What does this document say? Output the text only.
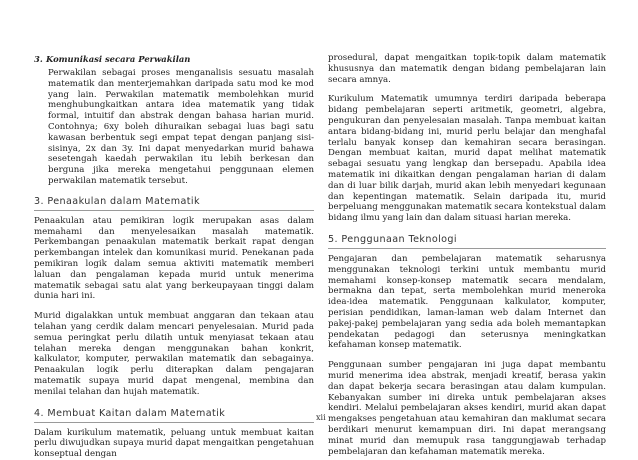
3. Komunikasi secara Perwakilan

Perwakilan sebagai proses menganalisis sesuatu masalah matematik dan menterjemahkan daripada satu mod ke mod yang lain. Perwakilan matematik membolehkan murid menghubungkaitkan antara idea matematik yang tidak formal, intuitif dan abstrak dengan bahasa harian murid. Contohnya; 6xy boleh dihuraikan sebagai luas bagi satu kawasan berbentuk segi empat tepat dengan panjang sisi-sisinya, 2x dan 3y. Ini dapat menyedarkan murid bahawa sesetengah kaedah perwakilan itu lebih berkesan dan berguna jika mereka mengetahui penggunaan elemen perwakilan matematik tersebut.

3. Penaakulan dalam Matematik

Penaakulan atau pemikiran logik merupakan asas dalam memahami dan menyelesaikan masalah matematik. Perkembangan penaakulan matematik berkait rapat dengan perkembangan intelek dan komunikasi murid. Penekanan pada pemikiran logik dalam semua aktiviti matematik memberi laluan dan pengalaman kepada murid untuk menerima matematik sebagai satu alat yang berkeupayaan tinggi dalam dunia hari ini.

Murid digalakkan untuk membuat anggaran dan tekaan atau telahan yang cerdik dalam mencari penyelesaian. Murid pada semua peringkat perlu dilatih untuk menyiasat tekaan atau telahan mereka dengan menggunakan bahan konkrit, kalkulator, komputer, perwakilan matematik dan sebagainya. Penaakulan logik perlu diterapkan dalam pengajaran matematik supaya murid dapat mengenal, membina dan menilai telahan dan hujah matematik.

4. Membuat Kaitan dalam Matematik

Dalam kurikulum matematik, peluang untuk membuat kaitan perlu diwujudkan supaya murid dapat mengaitkan pengetahuan konseptual dengan

prosedural, dapat mengaitkan topik-topik dalam matematik khususnya dan matematik dengan bidang pembelajaran lain secara amnya.

Kurikulum Matematik umumnya terdiri daripada beberapa bidang pembelajaran seperti aritmetik, geometri, algebra, pengukuran dan penyelesaian masalah. Tanpa membuat kaitan antara bidang-bidang ini, murid perlu belajar dan menghafal terlalu banyak konsep dan kemahiran secara berasingan. Dengan membuat kaitan, murid dapat melihat matematik sebagai sesuatu yang lengkap dan bersepadu. Apabila idea matematik ini dikaitkan dengan pengalaman harian di dalam dan di luar bilik darjah, murid akan lebih menyedari kegunaan dan kepentingan matematik. Selain daripada itu, murid berpeluang menggunakan matematik secara kontekstual dalam bidang ilmu yang lain dan dalam situasi harian mereka.

5. Penggunaan Teknologi

Pengajaran dan pembelajaran matematik seharusnya menggunakan teknologi terkini untuk membantu murid memahami konsep-konsep matematik secara mendalam, bermakna dan tepat, serta membolehkan murid meneroka idea-idea matematik. Penggunaan kalkulator, komputer, perisian pendidikan, laman-laman web dalam Internet dan pakej-pakej pembelajaran yang sedia ada boleh memantapkan pendekatan pedagogi dan seterusnya meningkatkan kefahaman konsep matematik.

Penggunaan sumber pengajaran ini juga dapat membantu murid menerima idea abstrak, menjadi kreatif, berasa yakin dan dapat bekerja secara berasingan atau dalam kumpulan. Kebanyakan sumber ini direka untuk pembelajaran akses kendiri. Melalui pembelajaran akses kendiri, murid akan dapat mengakses pengetahuan atau kemahiran dan maklumat secara berdikari menurut kemampuan diri. Ini dapat merangsang minat murid dan memupuk rasa tanggungjawab terhadap pembelajaran dan kefahaman matematik mereka.

xii
